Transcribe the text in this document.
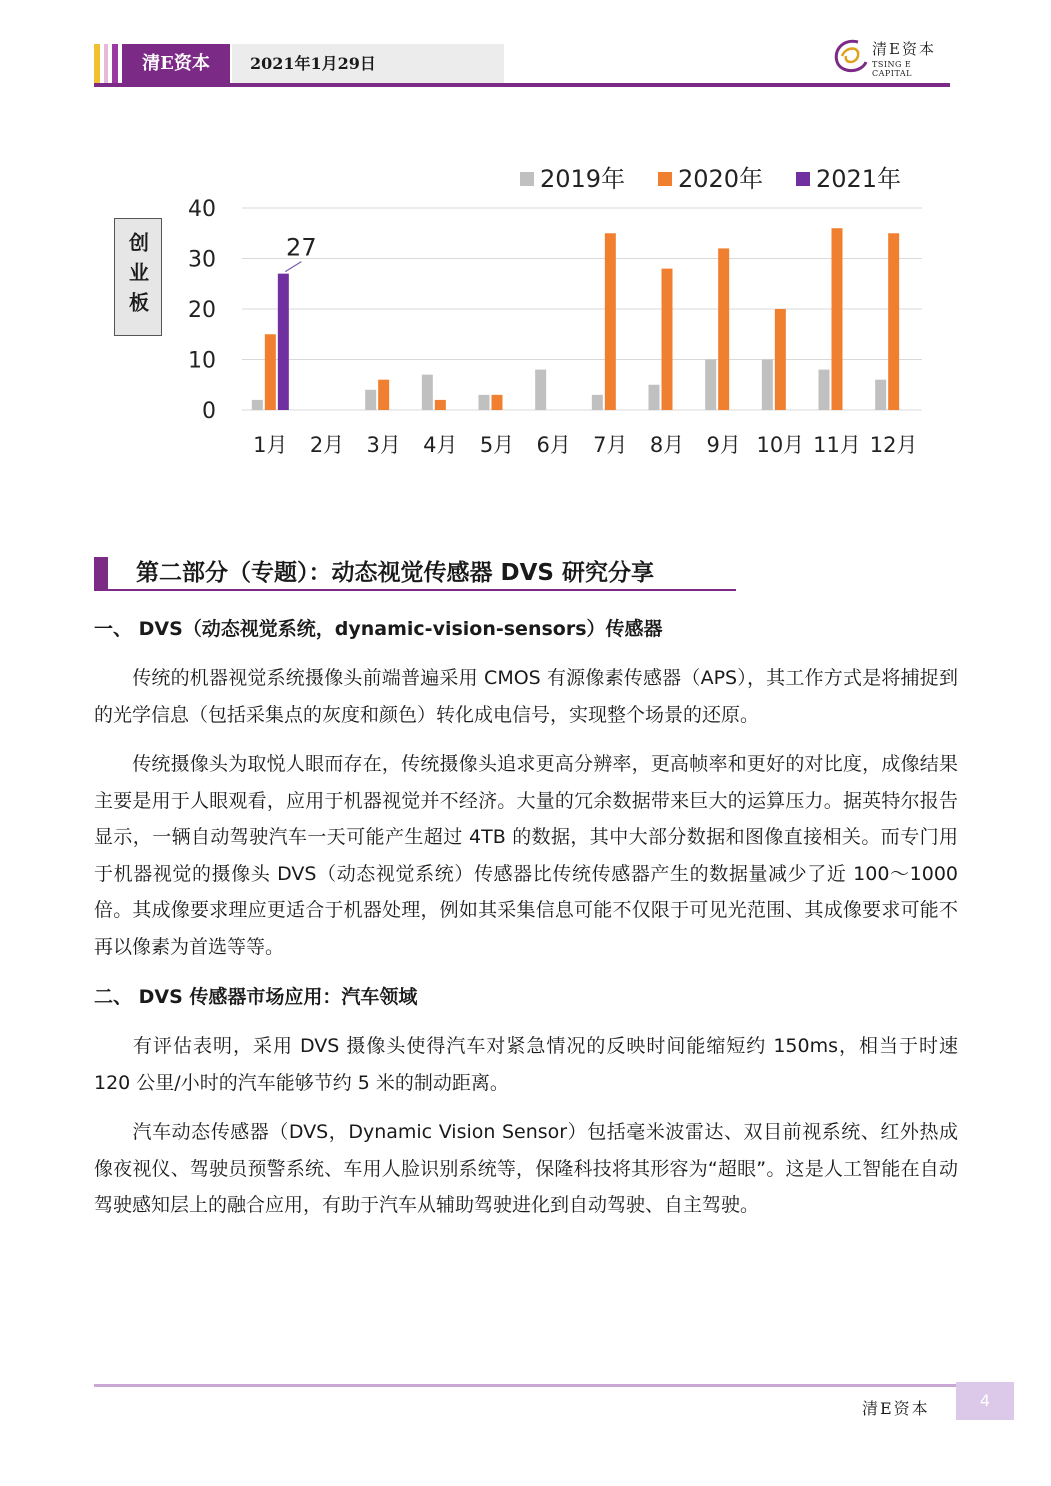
清E资本	2021年1月29日
清E资本
TSING E CAPITAL
创业板
0
10
20
30
40
1月 2月 3月 4月 5月 6月 7月 8月 9月 10月 11月 12月
2019年 2020年 2021年
27
第二部分（专题）：动态视觉传感器 DVS 研究分享
一、 DVS（动态视觉系统，dynamic-vision-sensors）传感器

传统的机器视觉系统摄像头前端普遍采用 CMOS 有源像素传感器（APS），其工作方式是将捕捉到的光学信息（包括采集点的灰度和颜色）转化成电信号，实现整个场景的还原。

传统摄像头为取悦人眼而存在，传统摄像头追求更高分辨率，更高帧率和更好的对比度，成像结果主要是用于人眼观看，应用于机器视觉并不经济。大量的冗余数据带来巨大的运算压力。据英特尔报告显示，一辆自动驾驶汽车一天可能产生超过 4TB 的数据，其中大部分数据和图像直接相关。而专门用于机器视觉的摄像头 DVS（动态视觉系统）传感器比传统传感器产生的数据量减少了近 100～1000 倍。其成像要求理应更适合于机器处理，例如其采集信息可能不仅限于可见光范围、其成像要求可能不再以像素为首选等等。

二、 DVS 传感器市场应用：汽车领域

有评估表明，采用 DVS 摄像头使得汽车对紧急情况的反映时间能缩短约 150ms，相当于时速 120 公里/小时的汽车能够节约 5 米的制动距离。

汽车动态传感器（DVS，Dynamic Vision Sensor）包括毫米波雷达、双目前视系统、红外热成像夜视仪、驾驶员预警系统、车用人脸识别系统等，保隆科技将其形容为“超眼”。这是人工智能在自动驾驶感知层上的融合应用，有助于汽车从辅助驾驶进化到自动驾驶、自主驾驶。

清E资本	4
